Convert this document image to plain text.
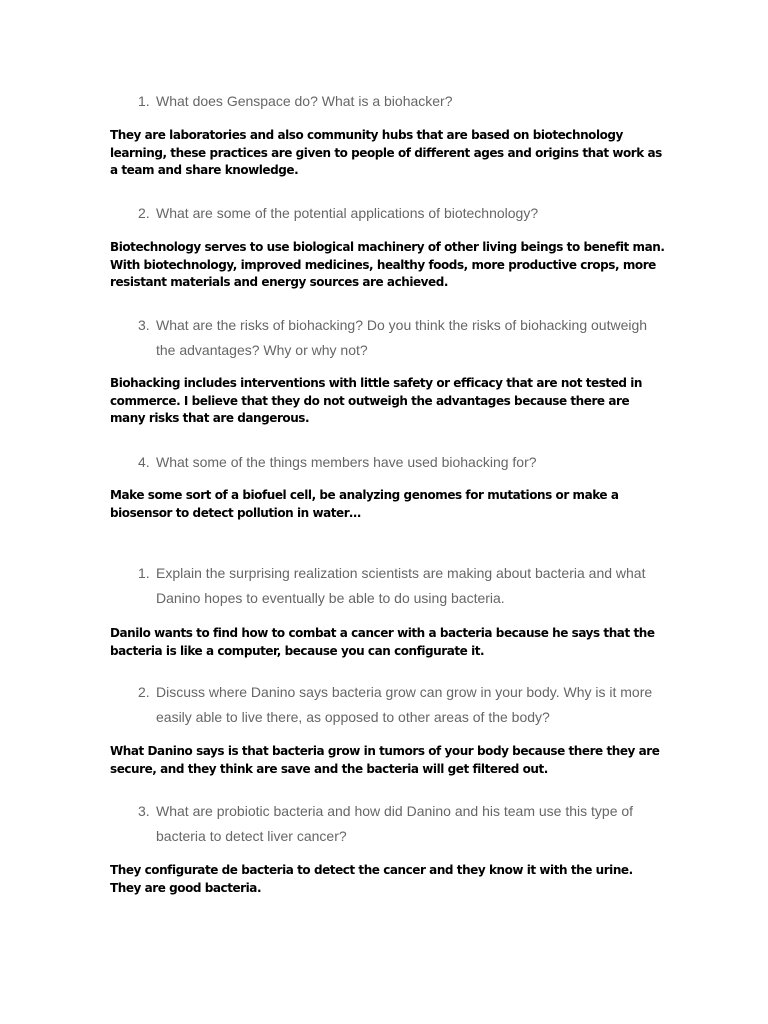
1. What does Genspace do? What is a biohacker?

They are laboratories and also community hubs that are based on biotechnology learning, these practices are given to people of different ages and origins that work as a team and share knowledge.

2. What are some of the potential applications of biotechnology?

Biotechnology serves to use biological machinery of other living beings to benefit man. With biotechnology, improved medicines, healthy foods, more productive crops, more resistant materials and energy sources are achieved.

3. What are the risks of biohacking? Do you think the risks of biohacking outweigh the advantages? Why or why not?

Biohacking includes interventions with little safety or efficacy that are not tested in commerce. I believe that they do not outweigh the advantages because there are many risks that are dangerous.

4. What some of the things members have used biohacking for?

Make some sort of a biofuel cell, be analyzing genomes for mutations or make a biosensor to detect pollution in water…

1. Explain the surprising realization scientists are making about bacteria and what Danino hopes to eventually be able to do using bacteria.

Danilo wants to find how to combat a cancer with a bacteria because he says that the bacteria is like a computer, because you can configurate it.

2. Discuss where Danino says bacteria grow can grow in your body. Why is it more easily able to live there, as opposed to other areas of the body?

What Danino says is that bacteria grow in tumors of your body because there they are secure, and they think are save and the bacteria will get filtered out.

3. What are probiotic bacteria and how did Danino and his team use this type of bacteria to detect liver cancer?

They configurate de bacteria to detect the cancer and they know it with the urine. They are good bacteria.
